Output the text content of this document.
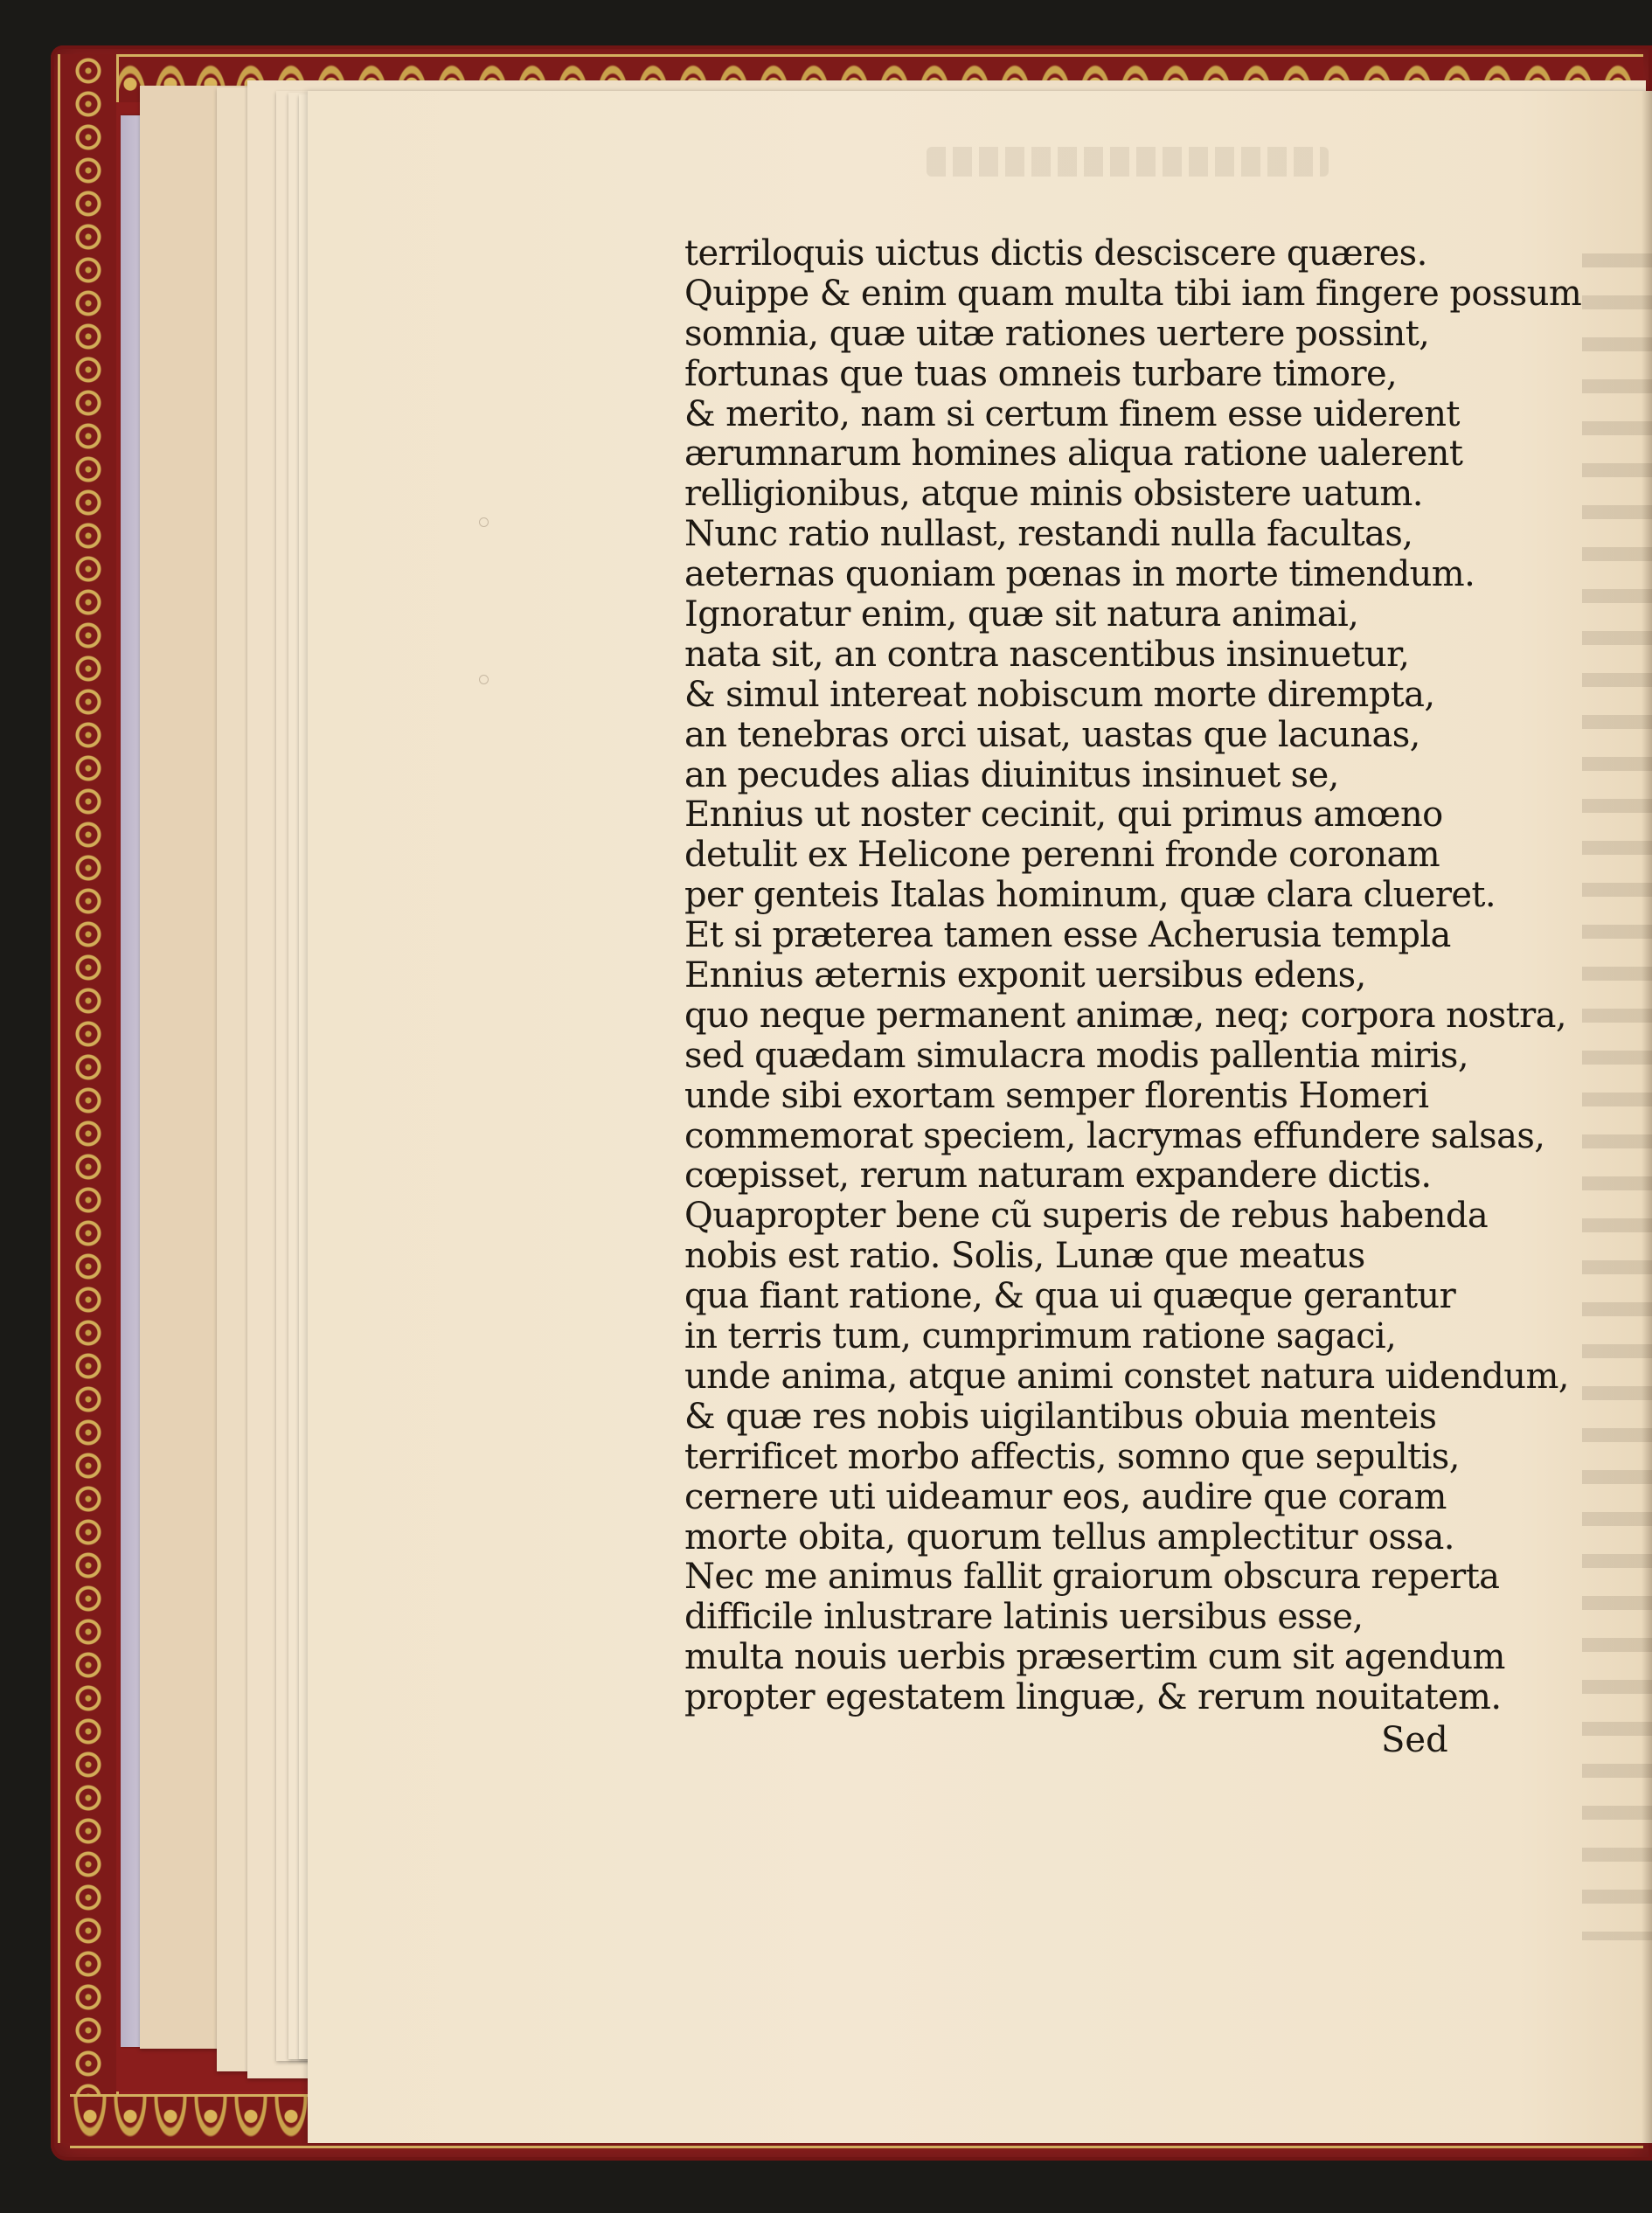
terriloquis uictus dictis desciscere quæres.
Quippe & enim quam multa tibi iam fingere possum
somnia, quæ uitæ rationes uertere possint,
fortunas que tuas omneis turbare timore,
& merito, nam si certum finem esse uiderent
ærumnarum homines aliqua ratione ualerent
relligionibus, atque minis obsistere uatum.
Nunc ratio nullast, restandi nulla facultas,
aeternas quoniam pœnas in morte timendum.
Ignoratur enim, quæ sit natura animai,
nata sit, an contra nascentibus insinuetur,
& simul intereat nobiscum morte dirempta,
an tenebras orci uisat, uastas que lacunas,
an pecudes alias diuinitus insinuet se,
Ennius ut noster cecinit, qui primus amœno
detulit ex Helicone perenni fronde coronam
per genteis Italas hominum, quæ clara clueret.
Et si præterea tamen esse Acherusia templa
Ennius æternis exponit uersibus edens,
quo neque permanent animæ, neq; corpora nostra,
sed quædam simulacra modis pallentia miris,
unde sibi exortam semper florentis Homeri
commemorat speciem, lacrymas effundere salsas,
cœpisset, rerum naturam expandere dictis.
Quapropter bene cũ superis de rebus habenda
nobis est ratio. Solis, Lunæ que meatus
qua fiant ratione, & qua ui quæque gerantur
in terris tum, cumprimum ratione sagaci,
unde anima, atque animi constet natura uidendum,
& quæ res nobis uigilantibus obuia menteis
terrificet morbo affectis, somno que sepultis,
cernere uti uideamur eos, audire que coram
morte obita, quorum tellus amplectitur ossa.
Nec me animus fallit graiorum obscura reperta
difficile inlustrare latinis uersibus esse,
multa nouis uerbis præsertim cum sit agendum
propter egestatem linguæ, & rerum nouitatem.
Sed
